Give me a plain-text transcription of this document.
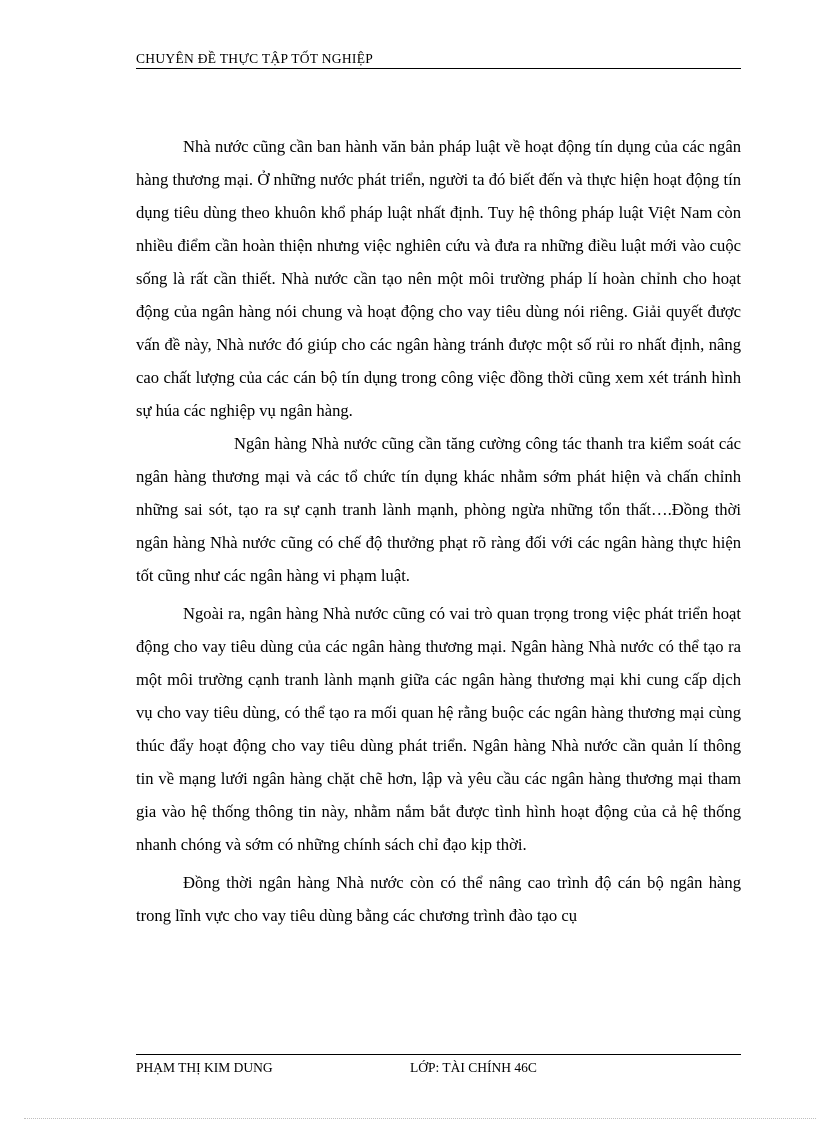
CHUYÊN ĐỀ THỰC TẬP TỐT NGHIỆP

Nhà nước cũng cần ban hành văn bản pháp luật về hoạt động tín dụng của các ngân hàng thương mại. Ở những nước phát triển, người ta đó biết đến và thực hiện hoạt động tín dụng tiêu dùng theo khuôn khổ pháp luật nhất định. Tuy hệ thông pháp luật Việt Nam còn nhiều điểm cần hoàn thiện nhưng việc nghiên cứu và đưa ra những điều luật mới vào cuộc sống là rất cần thiết. Nhà nước cần tạo nên một môi trường pháp lí hoàn chỉnh cho hoạt động của ngân hàng nói chung và hoạt động cho vay tiêu dùng nói riêng. Giải quyết được vấn đề này, Nhà nước đó giúp cho các ngân hàng tránh được một số rủi ro nhất định, nâng cao chất lượng của các cán bộ tín dụng trong công việc đồng thời cũng xem xét tránh hình sự húa các nghiệp vụ ngân hàng.

Ngân hàng Nhà nước cũng cần tăng cường công tác thanh tra kiểm soát các ngân hàng thương mại và các tổ chức tín dụng khác nhằm sớm phát hiện và chấn chỉnh những sai sót, tạo ra sự cạnh tranh lành mạnh, phòng ngừa những tổn thất….Đồng thời ngân hàng Nhà nước cũng có chế độ thưởng phạt rõ ràng đối với các ngân hàng thực hiện tốt cũng như các ngân hàng vi phạm luật.

Ngoài ra, ngân hàng Nhà nước cũng có vai trò quan trọng trong việc phát triển hoạt động cho vay tiêu dùng của các ngân hàng thương mại. Ngân hàng Nhà nước có thể tạo ra một môi trường cạnh tranh lành mạnh giữa các ngân hàng thương mại khi cung cấp dịch vụ cho vay tiêu dùng, có thể tạo ra mối quan hệ rằng buộc các ngân hàng thương mại cùng thúc đẩy hoạt động cho vay tiêu dùng phát triển. Ngân hàng Nhà nước cần quản lí thông tin về mạng lưới ngân hàng chặt chẽ hơn, lập và yêu cầu các ngân hàng thương mại tham gia vào hệ thống thông tin này, nhằm nắm bắt được tình hình hoạt động của cả hệ thống nhanh chóng và sớm có những chính sách chỉ đạo kịp thời.

Đồng thời ngân hàng Nhà nước còn có thể nâng cao trình độ cán bộ ngân hàng trong lĩnh vực cho vay tiêu dùng bằng các chương trình đào tạo cụ

PHẠM THỊ KIM DUNG	LỚP: TÀI CHÍNH 46C
